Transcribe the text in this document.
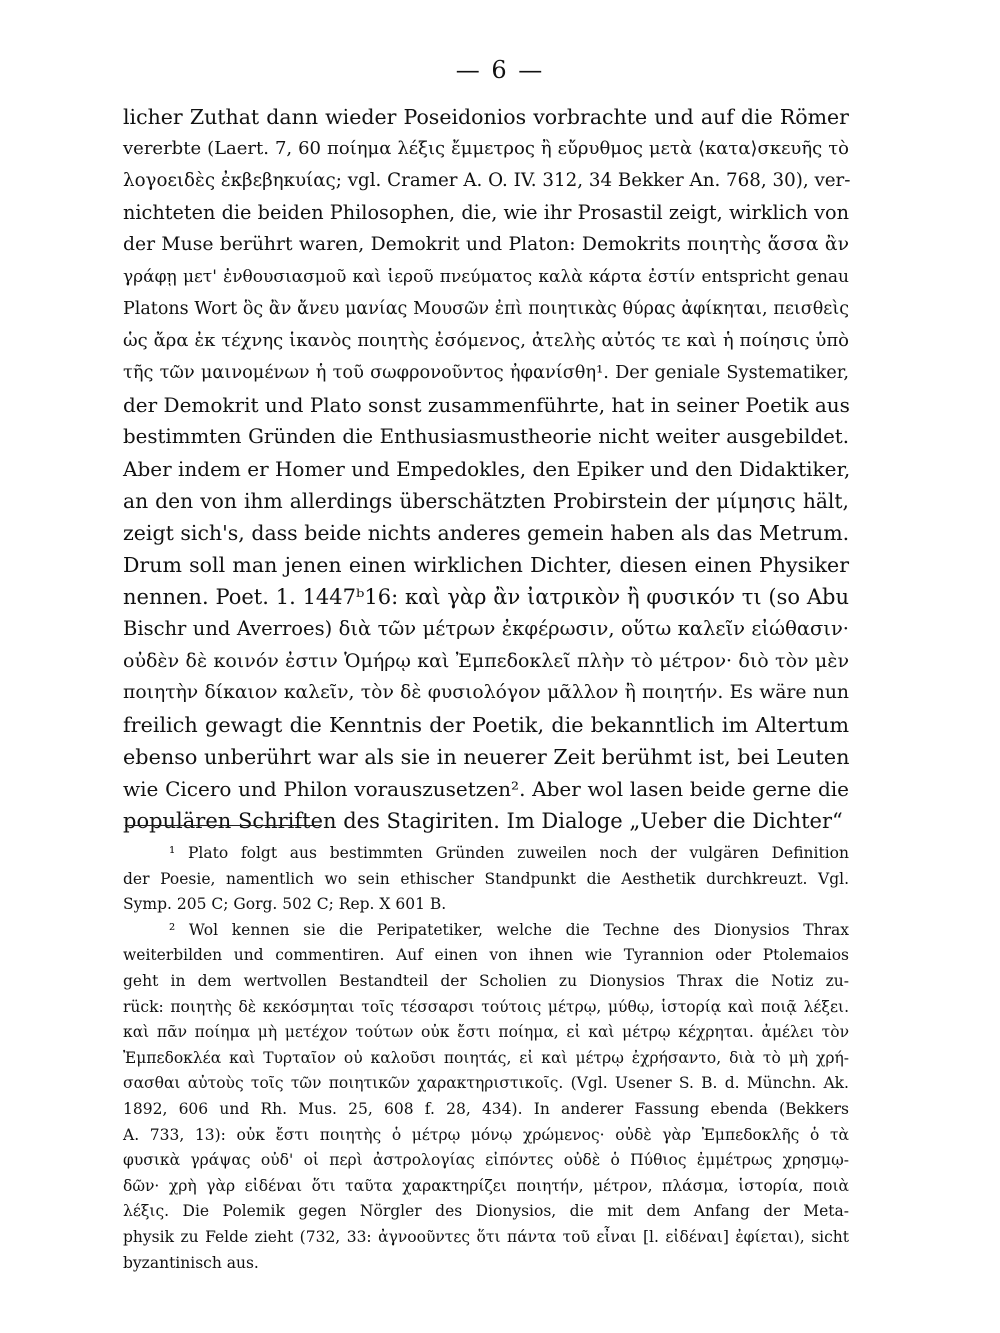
— 6 —
licher Zuthat dann wieder Poseidonios vorbrachte und auf die Römer
vererbte (Laert. 7, 60 ποίημα λέξις ἔμμετρος ἢ εὔρυθμος μετὰ ⟨κατα⟩σκευῆς τὸ
λογοειδὲς ἐκβεβηκυίας; vgl. Cramer A. O. IV. 312, 34 Bekker An. 768, 30), ver-
nichteten die beiden Philosophen, die, wie ihr Prosastil zeigt, wirklich von
der Muse berührt waren, Demokrit und Platon: Demokrits ποιητὴς ἅσσα ἂν
γράφῃ μετ' ἐνθουσιασμοῦ καὶ ἱεροῦ πνεύματος καλὰ κάρτα ἐστίν entspricht genau
Platons Wort ὃς ἂν ἄνευ μανίας Μουσῶν ἐπὶ ποιητικὰς θύρας ἀφίκηται, πεισθεὶς
ὡς ἄρα ἐκ τέχνης ἱκανὸς ποιητὴς ἐσόμενος, ἀτελὴς αὐτός τε καὶ ἡ ποίησις ὑπὸ
τῆς τῶν μαινομένων ἡ τοῦ σωφρονοῦντος ἠφανίσθη¹. Der geniale Systematiker,
der Demokrit und Plato sonst zusammenführte, hat in seiner Poetik aus
bestimmten Gründen die Enthusiasmustheorie nicht weiter ausgebildet.
Aber indem er Homer und Empedokles, den Epiker und den Didaktiker,
an den von ihm allerdings überschätzten Probirstein der μίμησις hält,
zeigt sich's, dass beide nichts anderes gemein haben als das Metrum.
Drum soll man jenen einen wirklichen Dichter, diesen einen Physiker
nennen. Poet. 1. 1447ᵇ16: καὶ γὰρ ἂν ἰατρικὸν ἢ φυσικόν τι (so Abu
Bischr und Averroes) διὰ τῶν μέτρων ἐκφέρωσιν, οὕτω καλεῖν εἰώθασιν·
οὐδὲν δὲ κοινόν ἐστιν Ὁμήρῳ καὶ Ἐμπεδοκλεῖ πλὴν τὸ μέτρον· διὸ τὸν μὲν
ποιητὴν δίκαιον καλεῖν, τὸν δὲ φυσιολόγον μᾶλλον ἢ ποιητήν. Es wäre nun
freilich gewagt die Kenntnis der Poetik, die bekanntlich im Altertum
ebenso unberührt war als sie in neuerer Zeit berühmt ist, bei Leuten
wie Cicero und Philon vorauszusetzen². Aber wol lasen beide gerne die
populären Schriften des Stagiriten. Im Dialoge „Ueber die Dichter“
¹ Plato folgt aus bestimmten Gründen zuweilen noch der vulgären Definition
der Poesie, namentlich wo sein ethischer Standpunkt die Aesthetik durchkreuzt. Vgl.
Symp. 205 C; Gorg. 502 C; Rep. X 601 B.
² Wol kennen sie die Peripatetiker, welche die Techne des Dionysios Thrax
weiterbilden und commentiren. Auf einen von ihnen wie Tyrannion oder Ptolemaios
geht in dem wertvollen Bestandteil der Scholien zu Dionysios Thrax die Notiz zu-
rück: ποιητὴς δὲ κεκόσμηται τοῖς τέσσαρσι τούτοις μέτρῳ, μύθῳ, ἱστορίᾳ καὶ ποιᾷ λέξει.
καὶ πᾶν ποίημα μὴ μετέχον τούτων οὐκ ἔστι ποίημα, εἰ καὶ μέτρῳ κέχρηται. ἀμέλει τὸν
Ἐμπεδοκλέα καὶ Τυρταῖον οὐ καλοῦσι ποιητάς, εἰ καὶ μέτρῳ ἐχρήσαντο, διὰ τὸ μὴ χρή-
σασθαι αὐτοὺς τοῖς τῶν ποιητικῶν χαρακτηριστικοῖς. (Vgl. Usener S. B. d. Münchn. Ak.
1892, 606 und Rh. Mus. 25, 608 f. 28, 434). In anderer Fassung ebenda (Bekkers
A. 733, 13): οὐκ ἔστι ποιητὴς ὁ μέτρῳ μόνῳ χρώμενος· οὐδὲ γὰρ Ἐμπεδοκλῆς ὁ τὰ
φυσικὰ γράψας οὐδ' οἱ περὶ ἀστρολογίας εἰπόντες οὐδὲ ὁ Πύθιος ἐμμέτρως χρησμῳ-
δῶν· χρὴ γὰρ εἰδέναι ὅτι ταῦτα χαρακτηρίζει ποιητήν, μέτρον, πλάσμα, ἱστορία, ποιὰ
λέξις. Die Polemik gegen Nörgler des Dionysios, die mit dem Anfang der Meta-
physik zu Felde zieht (732, 33: ἀγνοοῦντες ὅτι πάντα τοῦ εἶναι [l. εἰδέναι] ἐφίεται), sicht
byzantinisch aus.
